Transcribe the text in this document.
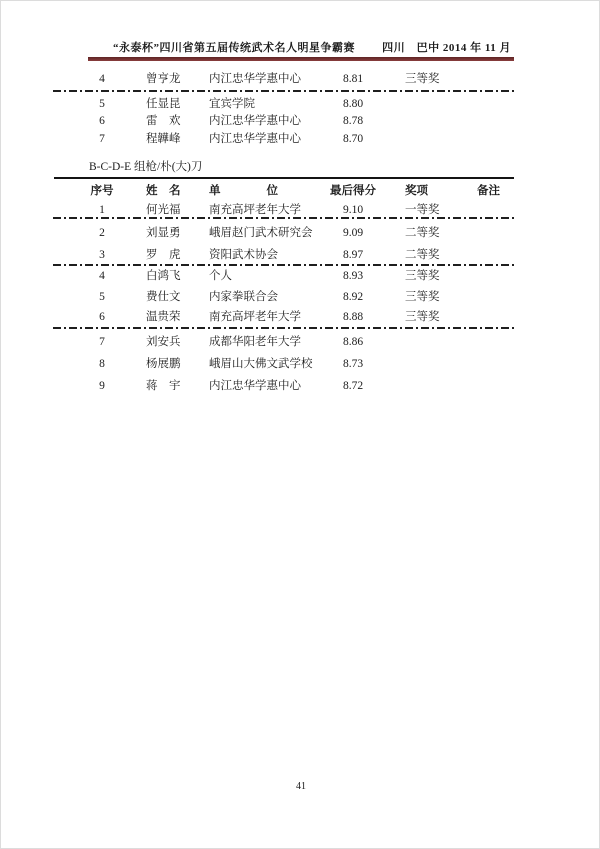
“永泰杯”四川省第五届传统武术名人明星争霸赛 四川　巴中 2014 年 11 月
4	曾亨龙 内江忠华学惠中心	8.81	三等奖
5	任显昆 宜宾学院	8.80
6	雷　欢 内江忠华学惠中心	8.78
7	程韡峰 内江忠华学惠中心	8.70
B-C-D-E 组枪/朴(大)刀
序号	姓　名 单　　　　位	最后得分	奖项	备注
1	何光福 南充高坪老年大学	9.10	一等奖
2	刘显勇 峨眉赵门武术研究会	9.09	二等奖
3	罗　虎 资阳武术协会	8.97	二等奖
4	白鸿飞 个人	8.93	三等奖
5	费仕文 内家拳联合会	8.92	三等奖
6	温贵荣 南充高坪老年大学	8.88	三等奖
7	刘安兵 成都华阳老年大学	8.86
8	杨展鹏 峨眉山大佛文武学校	8.73
9	蒋　宇 内江忠华学惠中心	8.72
41
